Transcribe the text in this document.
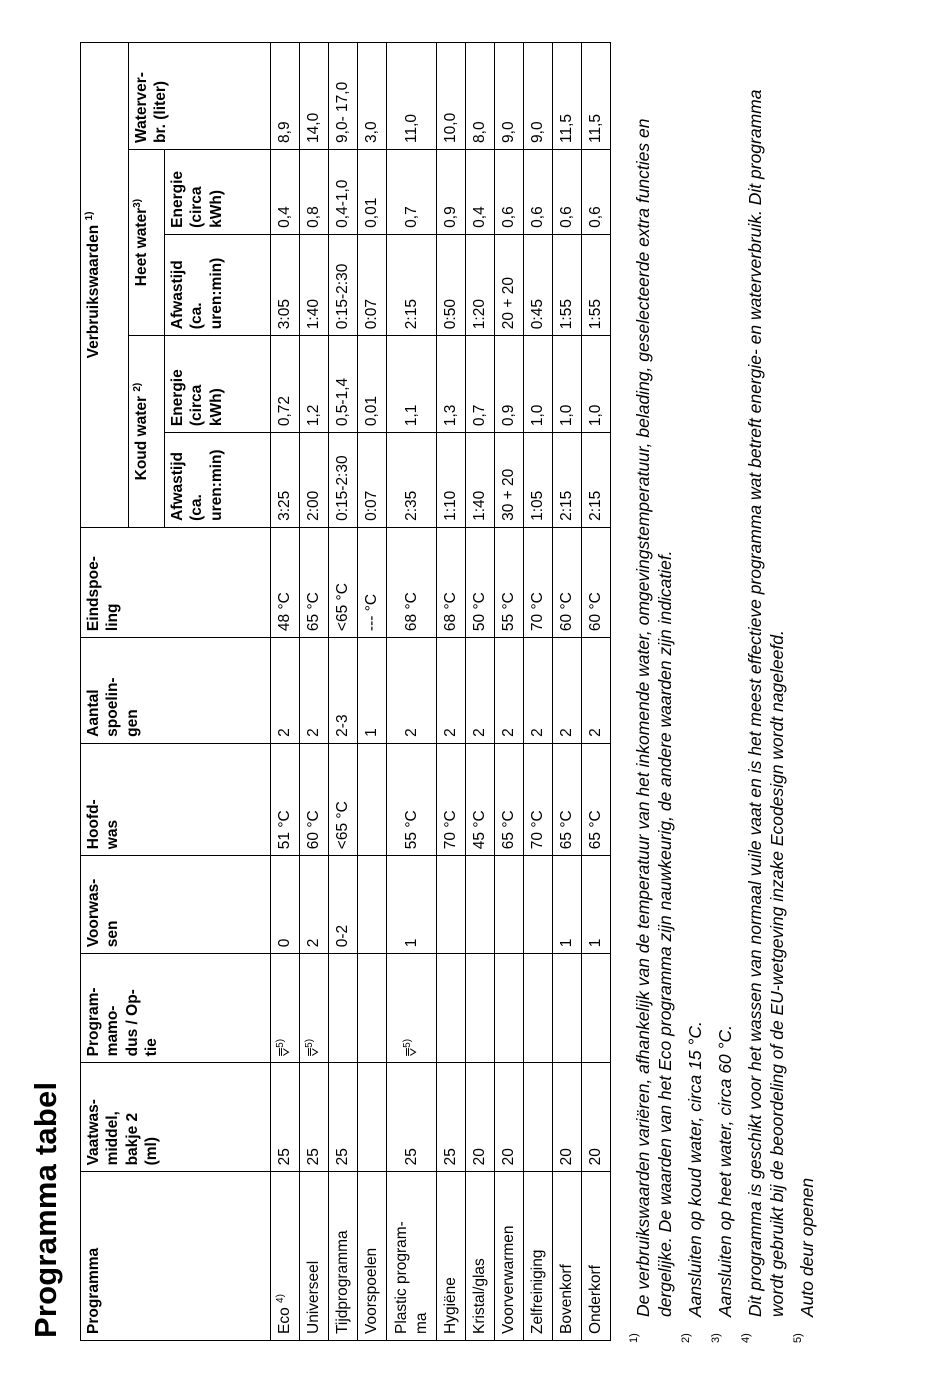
Programma tabel Programma	Vaatwas-
middel,
bakje 2
(ml)	Program-
mamo-
dus / Op-
tie	Voorwas-
sen	Hoofd-
was	Aantal
spoelin-
gen	Eindspoe-
ling	Verbruikswaarden $^{1)}$
							Koud water $^{2)}$		Heet water$^{3)}$		Waterver-
br. (liter)
							Afwastijd
(ca.
uren:min)	Energie
(circa
kWh)	Afwastijd
(ca.
uren:min)	Energie
(circa
kWh)	

Eco $^{4)}$	25	⩢$^{5)}$	0	51 °C	2	48 °C	3:25	0,72	3:05	0,4	8,9
Universeel	25	⩢$^{5)}$	2	60 °C	2	65 °C	2:00	1,2	1:40	0,8	14,0
Tijdprogramma	25		0-2	<65 °C	2-3	<65 °C	0:15-2:30	0,5-1,4	0:15-2:30	0,4-1,0	9,0- 17,0
Voorspoelen					1	--- °C	0:07	0,01	0:07	0,01	3,0
Plastic program-
ma	25	⩢$^{5)}$	1	55 °C	2	68 °C	2:35	1,1	2:15	0,7	11,0
Hygiëne	25			70 °C	2	68 °C	1:10	1,3	0:50	0,9	10,0
Kristal/glas	20			45 °C	2	50 °C	1:40	0,7	1:20	0,4	8,0
Voorverwarmen	20			65 °C	2	55 °C	30 + 20	0,9	20 + 20	0,6	9,0
Zelfreiniging				70 °C	2	70 °C	1:05	1,0	0:45	0,6	9,0
Bovenkorf	20		1	65 °C	2	60 °C	2:15	1,0	1:55	0,6	11,5
Onderkorf	20		1	65 °C	2	60 °C	2:15	1,0	1:55	0,6	11,5
1)
De verbruikswaarden variëren, afhankelijk van de temperatuur van het inkomende water, omgevingstemperatuur, belading, geselecteerde extra functies en dergelijke. De waarden van het Eco programma zijn nauwkeurig, de andere waarden zijn indicatief.
2)
Aansluiten op koud water, circa 15 °C.
3)
Aansluiten op heet water, circa 60 °C.
4)
Dit programma is geschikt voor het wassen van normaal vuile vaat en is het meest effectieve programma wat betreft energie- en waterverbruik. Dit programma wordt gebruikt bij de beoordeling of de EU-wetgeving inzake Ecodesign wordt nageleefd.
5)
Auto deur openen
